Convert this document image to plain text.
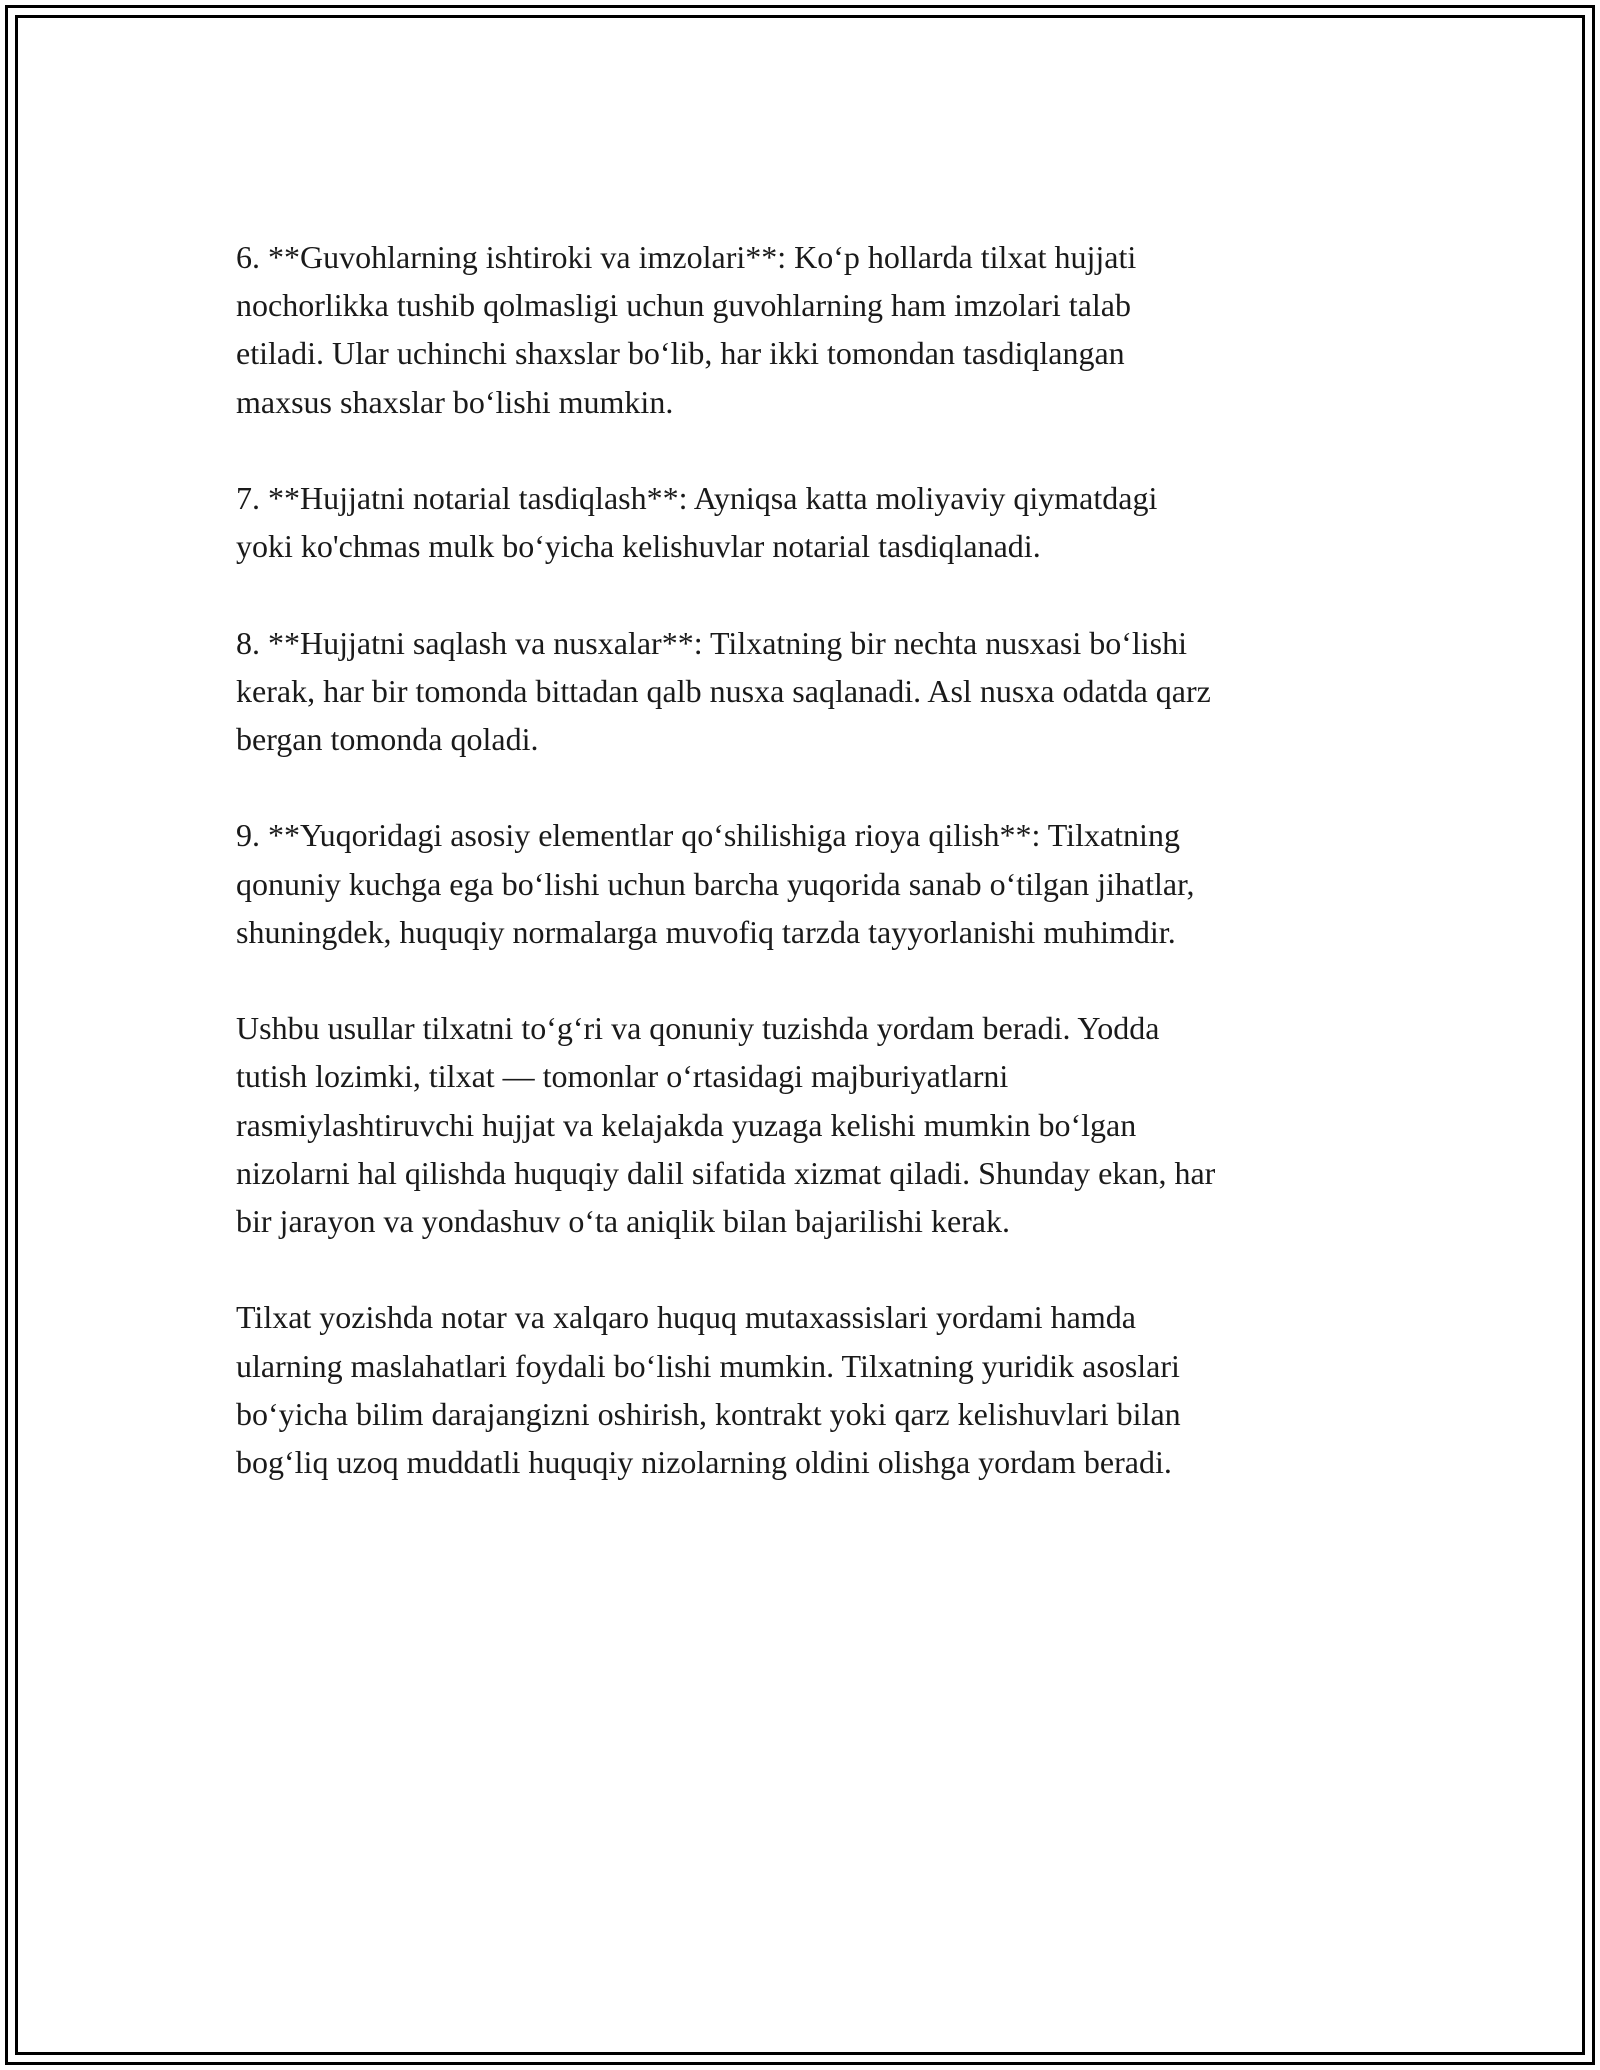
6. **Guvohlarning ishtiroki va imzolari**: Ko‘p hollarda tilxat hujjati
nochorlikka tushib qolmasligi uchun guvohlarning ham imzolari talab
etiladi. Ular uchinchi shaxslar bo‘lib, har ikki tomondan tasdiqlangan
maxsus shaxslar bo‘lishi mumkin.

7. **Hujjatni notarial tasdiqlash**: Ayniqsa katta moliyaviy qiymatdagi
yoki ko'chmas mulk bo‘yicha kelishuvlar notarial tasdiqlanadi.

8. **Hujjatni saqlash va nusxalar**: Tilxatning bir nechta nusxasi bo‘lishi
kerak, har bir tomonda bittadan qalb nusxa saqlanadi. Asl nusxa odatda qarz
bergan tomonda qoladi.

9. **Yuqoridagi asosiy elementlar qo‘shilishiga rioya qilish**: Tilxatning
qonuniy kuchga ega bo‘lishi uchun barcha yuqorida sanab o‘tilgan jihatlar,
shuningdek, huquqiy normalarga muvofiq tarzda tayyorlanishi muhimdir.

Ushbu usullar tilxatni to‘g‘ri va qonuniy tuzishda yordam beradi. Yodda
tutish lozimki, tilxat — tomonlar o‘rtasidagi majburiyatlarni
rasmiylashtiruvchi hujjat va kelajakda yuzaga kelishi mumkin bo‘lgan
nizolarni hal qilishda huquqiy dalil sifatida xizmat qiladi. Shunday ekan, har
bir jarayon va yondashuv o‘ta aniqlik bilan bajarilishi kerak.

Tilxat yozishda notar va xalqaro huquq mutaxassislari yordami hamda
ularning maslahatlari foydali bo‘lishi mumkin. Tilxatning yuridik asoslari
bo‘yicha bilim darajangizni oshirish, kontrakt yoki qarz kelishuvlari bilan
bog‘liq uzoq muddatli huquqiy nizolarning oldini olishga yordam beradi.
